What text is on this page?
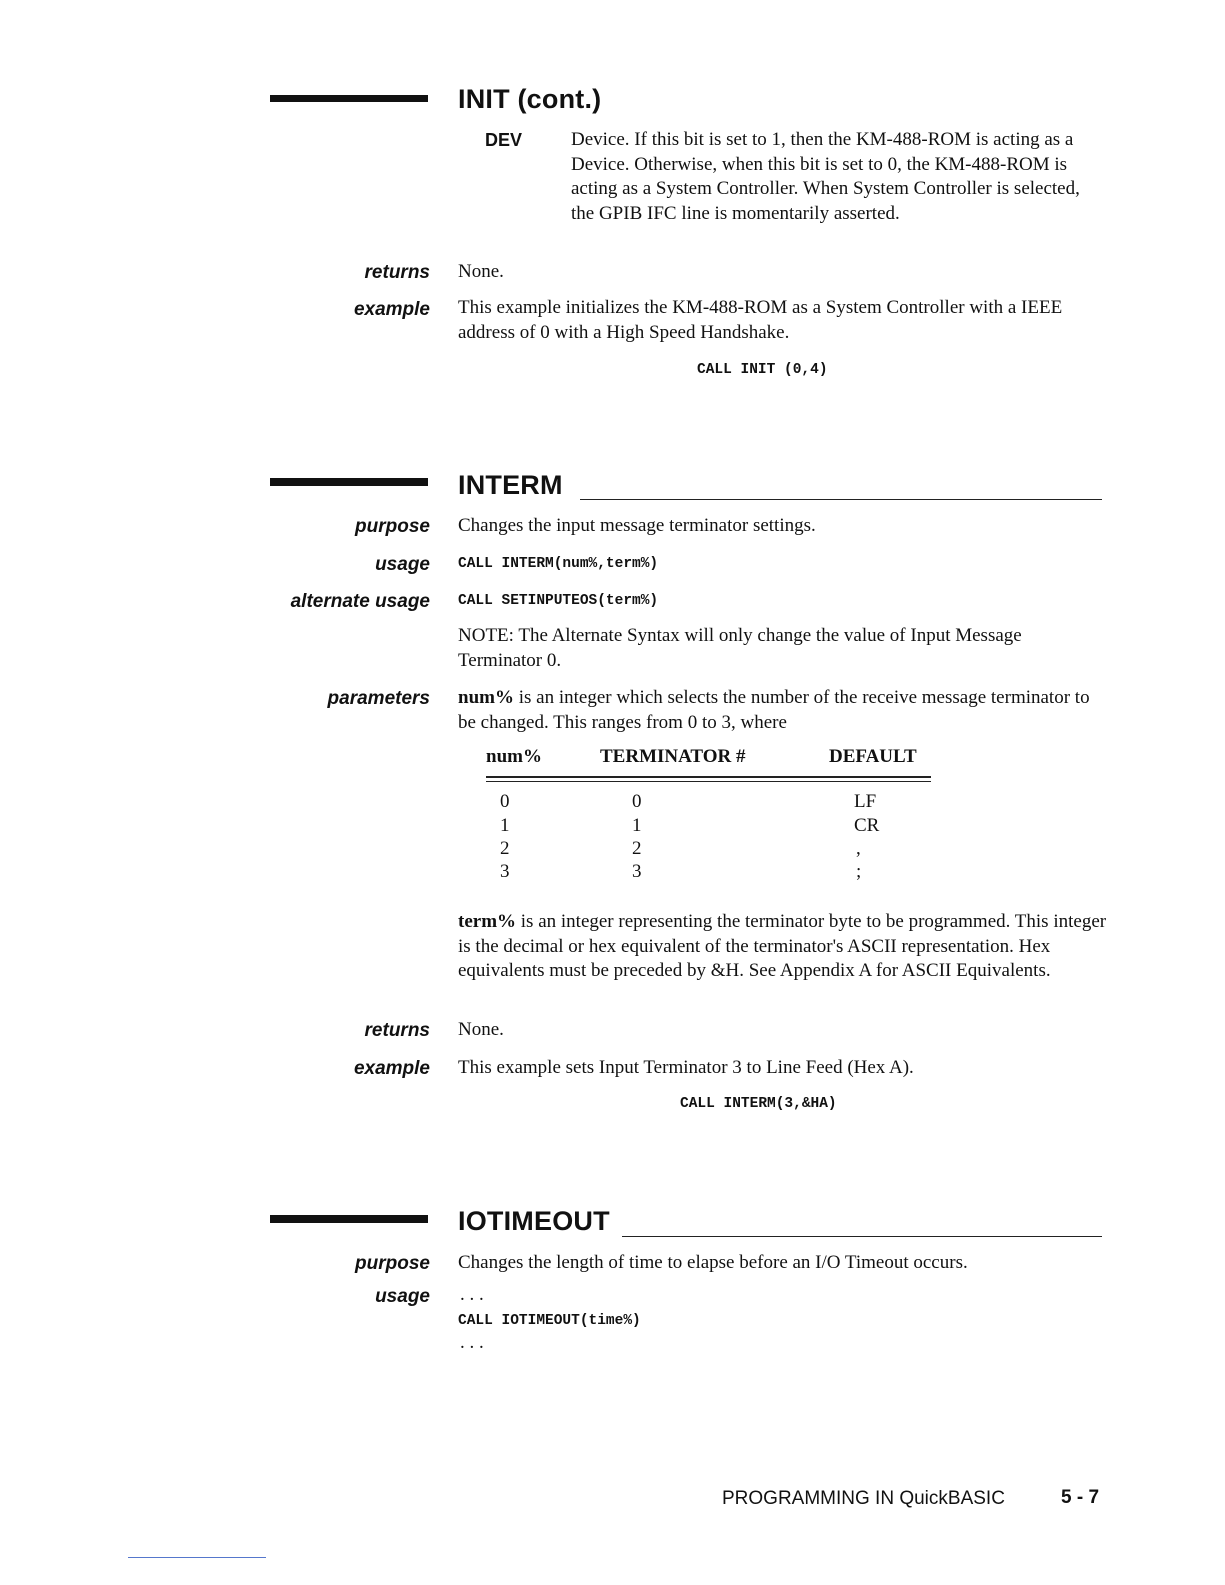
INIT (cont.)
DEV	Device. If this bit is set to 1, then the KM-488-ROM is acting as a Device. Otherwise, when this bit is set to 0, the KM-488-ROM is acting as a System Controller. When System Controller is selected, the GPIB IFC line is momentarily asserted.
returns None.
example This example initializes the KM-488-ROM as a System Controller with a IEEE address of 0 with a High Speed Handshake.
CALL INIT (0,4)
INTERM
purpose Changes the input message terminator settings.
usage CALL INTERM(num%,term%)
alternate usage CALL SETINPUTEOS(term%)
NOTE: The Alternate Syntax will only change the value of Input Message Terminator 0.
parameters num% is an integer which selects the number of the receive message terminator to be changed. This ranges from 0 to 3, where
num%	TERMINATOR #	DEFAULT
0	0	LF
1	1	CR
2	2	,
3	3	;
term% is an integer representing the terminator byte to be programmed. This integer is the decimal or hex equivalent of the terminator's ASCII representation. Hex equivalents must be preceded by &H. See Appendix A for ASCII Equivalents.
returns None.
example This example sets Input Terminator 3 to Line Feed (Hex A).
CALL INTERM(3,&HA)
IOTIMEOUT
purpose Changes the length of time to elapse before an I/O Timeout occurs.
usage . . .
CALL IOTIMEOUT(time%)
. . .
PROGRAMMING IN QuickBASIC	5 - 7
